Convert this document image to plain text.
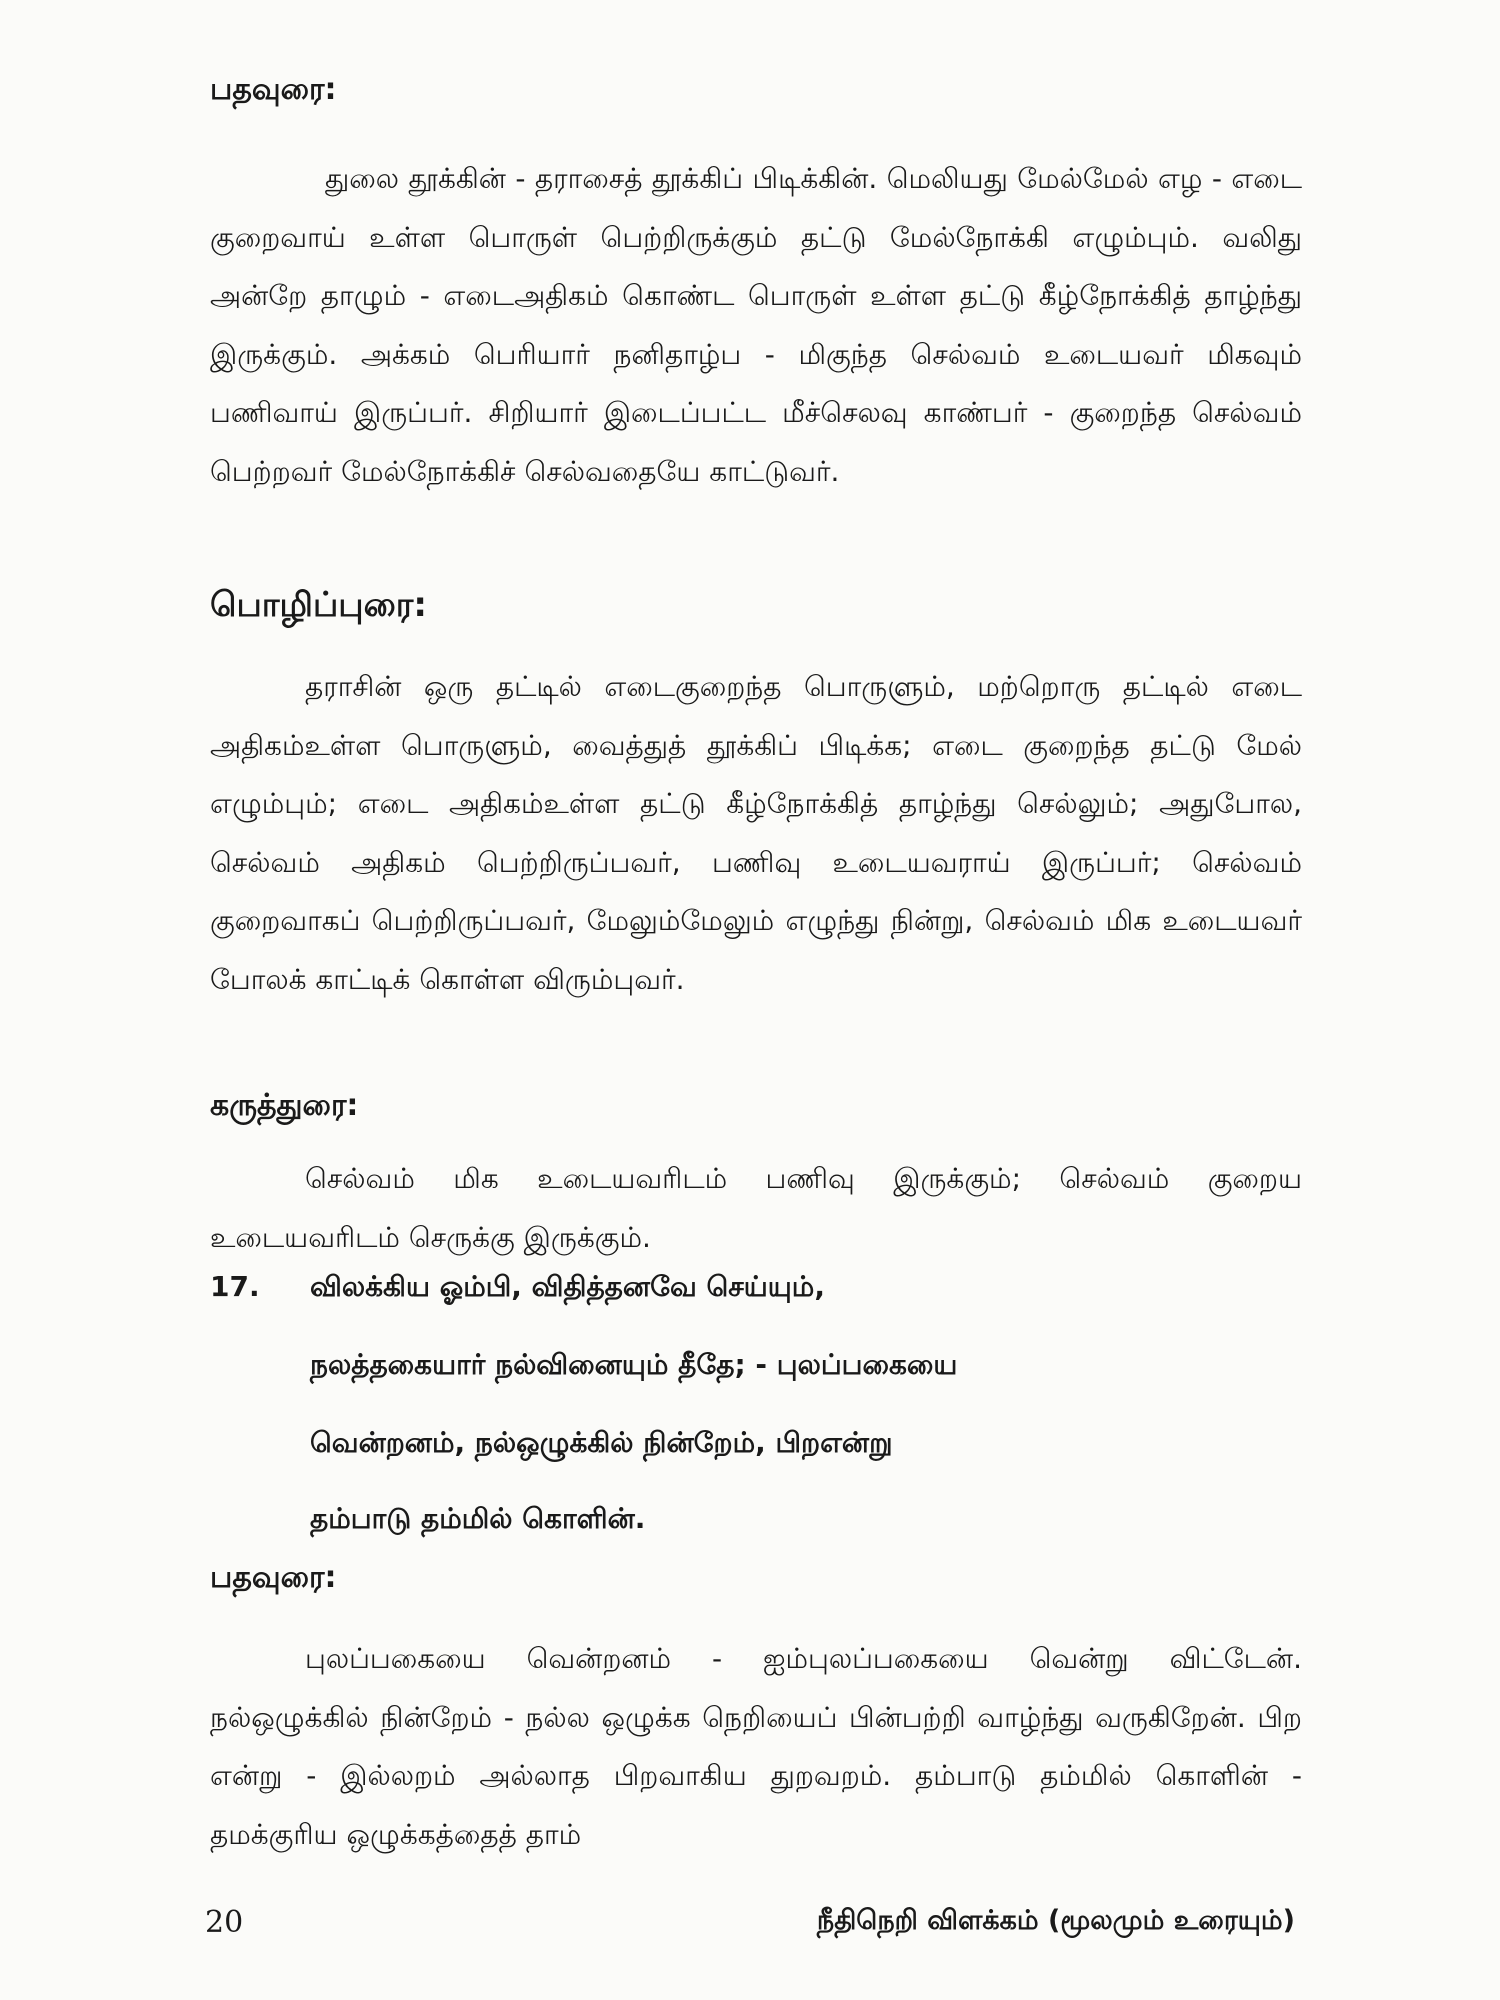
பதவுரை:

துலை தூக்கின் - தராசைத் தூக்கிப் பிடிக்கின். மெலியது மேல்மேல் எழ - எடை குறைவாய் உள்ள பொருள் பெற்றிருக்கும் தட்டு மேல்நோக்கி எழும்பும். வலிது அன்றே தாழும் - எடைஅதிகம் கொண்ட பொருள் உள்ள தட்டு கீழ்நோக்கித் தாழ்ந்து இருக்கும். அக்கம் பெரியார் நனிதாழ்ப - மிகுந்த செல்வம் உடையவர் மிகவும் பணிவாய் இருப்பர். சிறியார் இடைப்பட்ட மீச்செலவு காண்பர் - குறைந்த செல்வம் பெற்றவர் மேல்நோக்கிச் செல்வதையே காட்டுவர்.

பொழிப்புரை:

தராசின் ஒரு தட்டில் எடைகுறைந்த பொருளும், மற்றொரு தட்டில் எடை அதிகம்உள்ள பொருளும், வைத்துத் தூக்கிப் பிடிக்க; எடை குறைந்த தட்டு மேல் எழும்பும்; எடை அதிகம்உள்ள தட்டு கீழ்நோக்கித் தாழ்ந்து செல்லும்; அதுபோல, செல்வம் அதிகம் பெற்றிருப்பவர், பணிவு உடையவராய் இருப்பர்; செல்வம் குறைவாகப் பெற்றிருப்பவர், மேலும்மேலும் எழுந்து நின்று, செல்வம் மிக உடையவர் போலக் காட்டிக் கொள்ள விரும்புவர்.

கருத்துரை:

செல்வம் மிக உடையவரிடம் பணிவு இருக்கும்; செல்வம் குறைய உடையவரிடம் செருக்கு இருக்கும்.

17. விலக்கிய ஓம்பி, விதித்தனவே செய்யும்,
நலத்தகையார் நல்வினையும் தீதே; - புலப்பகையை
வென்றனம், நல்ஒழுக்கில் நின்றேம், பிறஎன்று
தம்பாடு தம்மில் கொளின்.
பதவுரை:

புலப்பகையை வென்றனம் - ஐம்புலப்பகையை வென்று விட்டேன். நல்ஒழுக்கில் நின்றேம் - நல்ல ஒழுக்க நெறியைப் பின்பற்றி வாழ்ந்து வருகிறேன். பிற என்று - இல்லறம் அல்லாத பிறவாகிய துறவறம். தம்பாடு தம்மில் கொளின் - தமக்குரிய ஒழுக்கத்தைத் தாம்

20	நீதிநெறி விளக்கம் (மூலமும் உரையும்)
